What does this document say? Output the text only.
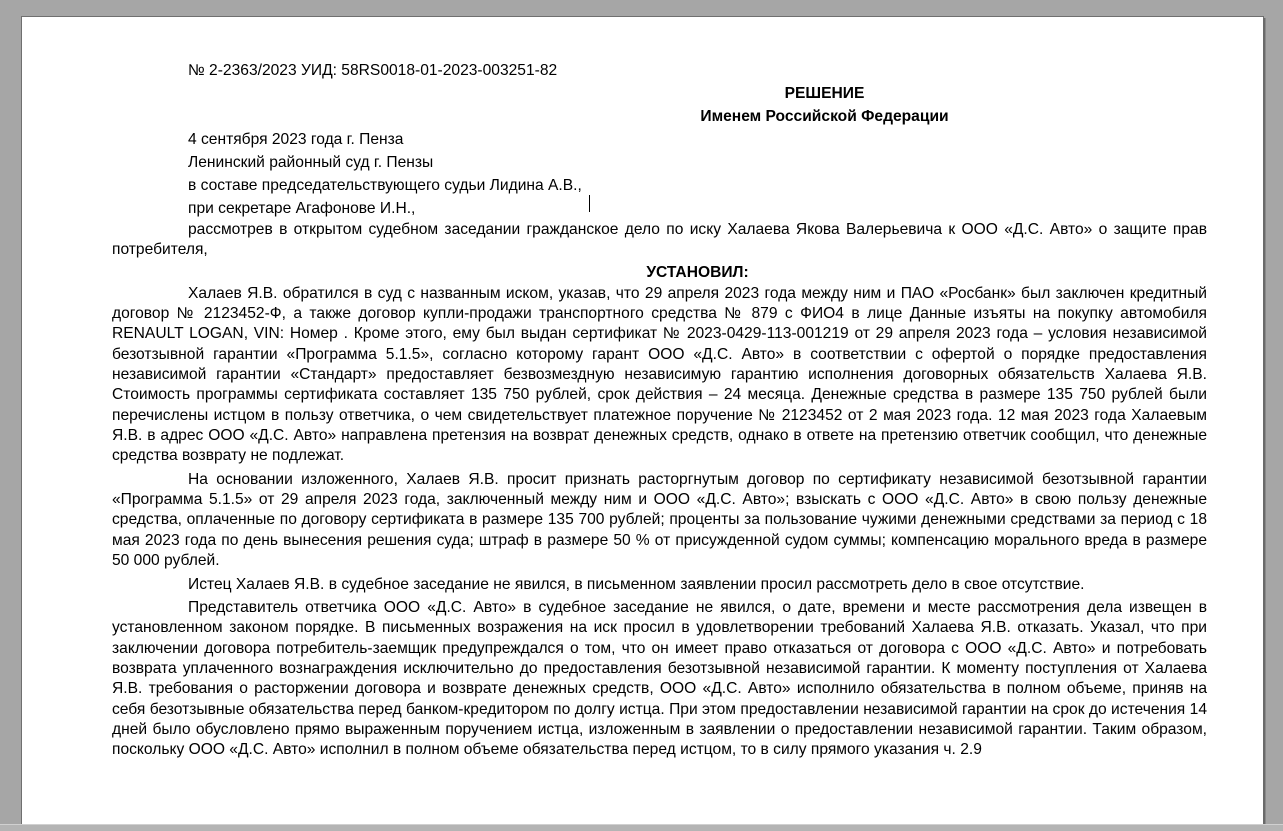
№ 2-2363/2023 УИД: 58RS0018-01-2023-003251-82
РЕШЕНИЕ
Именем Российской Федерации
4 сентября 2023 года г. Пенза
Ленинский районный суд г. Пензы
в составе председательствующего судьи Лидина А.В.,
при секретаре Агафонове И.Н.,

рассмотрев в открытом судебном заседании гражданское дело по иску Халаева Якова Валерьевича к ООО «Д.С. Авто» о защите прав потребителя,

УСТАНОВИЛ:

Халаев Я.В. обратился в суд с названным иском, указав, что 29 апреля 2023 года между ним и ПАО «Росбанк» был заключен кредитный договор № 2123452-Ф, а также договор купли-продажи транспортного средства № 879 с ФИО4 в лице Данные изъяты на покупку автомобиля RENAULT LOGAN, VIN: Номер . Кроме этого, ему был выдан сертификат № 2023-0429-113-001219 от 29 апреля 2023 года – условия независимой безотзывной гарантии «Программа 5.1.5», согласно которому гарант ООО «Д.С. Авто» в соответствии с офертой о порядке предоставления независимой гарантии «Стандарт» предоставляет безвозмездную независимую гарантию исполнения договорных обязательств Халаева Я.В. Стоимость программы сертификата составляет 135 750 рублей, срок действия – 24 месяца. Денежные средства в размере 135 750 рублей были перечислены истцом в пользу ответчика, о чем свидетельствует платежное поручение № 2123452 от 2 мая 2023 года. 12 мая 2023 года Халаевым Я.В. в адрес ООО «Д.С. Авто» направлена претензия на возврат денежных средств, однако в ответе на претензию ответчик сообщил, что денежные средства возврату не подлежат.

На основании изложенного, Халаев Я.В. просит признать расторгнутым договор по сертификату независимой безотзывной гарантии «Программа 5.1.5» от 29 апреля 2023 года, заключенный между ним и ООО «Д.С. Авто»; взыскать с ООО «Д.С. Авто» в свою пользу денежные средства, оплаченные по договору сертификата в размере 135 700 рублей; проценты за пользование чужими денежными средствами за период с 18 мая 2023 года по день вынесения решения суда; штраф в размере 50 % от присужденной судом суммы; компенсацию морального вреда в размере 50 000 рублей.

Истец Халаев Я.В. в судебное заседание не явился, в письменном заявлении просил рассмотреть дело в свое отсутствие.

Представитель ответчика ООО «Д.С. Авто» в судебное заседание не явился, о дате, времени и месте рассмотрения дела извещен в установленном законом порядке. В письменных возражения на иск просил в удовлетворении требований Халаева Я.В. отказать. Указал, что при заключении договора потребитель-заемщик предупреждался о том, что он имеет право отказаться от договора с ООО «Д.С. Авто» и потребовать возврата уплаченного вознаграждения исключительно до предоставления безотзывной независимой гарантии. К моменту поступления от Халаева Я.В. требования о расторжении договора и возврате денежных средств, ООО «Д.С. Авто» исполнило обязательства в полном объеме, приняв на себя безотзывные обязательства перед банком-кредитором по долгу истца. При этом предоставлении независимой гарантии на срок до истечения 14 дней было обусловлено прямо выраженным поручением истца, изложенным в заявлении о предоставлении независимой гарантии. Таким образом, поскольку ООО «Д.С. Авто» исполнил в полном объеме обязательства перед истцом, то в силу прямого указания ч. 2.9
